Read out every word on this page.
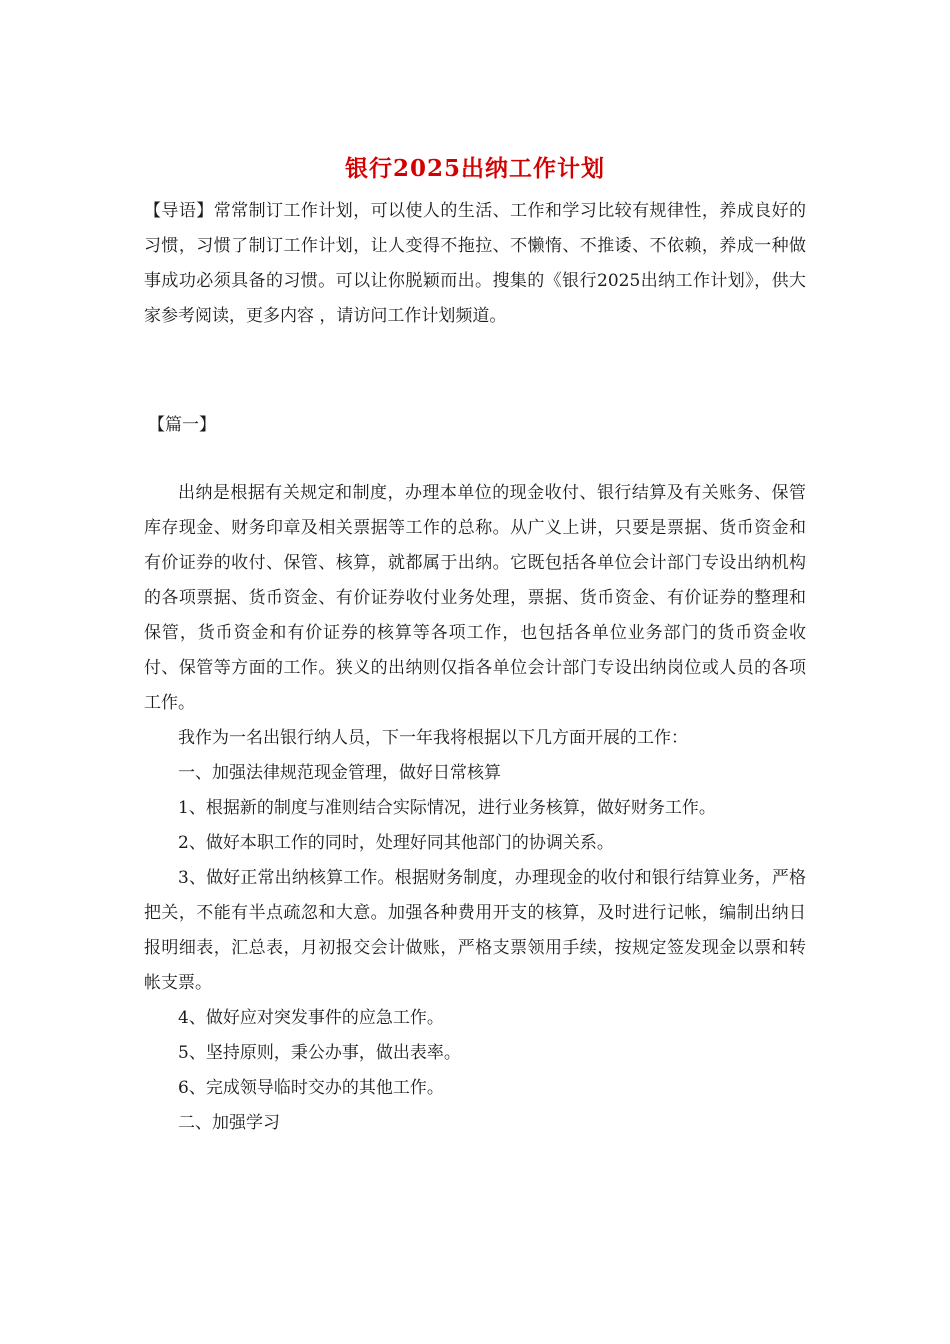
银行2025出纳工作计划
【导语】常常制订工作计划，可以使人的生活、工作和学习比较有规律性，养成良好的习惯，习惯了制订工作计划，让人变得不拖拉、不懒惰、不推诿、不依赖，养成一种做事成功必须具备的习惯。可以让你脱颖而出。搜集的《银行2025出纳工作计划》，供大家参考阅读，更多内容 ，请访问工作计划频道。
【篇一】

出纳是根据有关规定和制度，办理本单位的现金收付、银行结算及有关账务、保管库存现金、财务印章及相关票据等工作的总称。从广义上讲，只要是票据、货币资金和有价证券的收付、保管、核算，就都属于出纳。它既包括各单位会计部门专设出纳机构的各项票据、货币资金、有价证券收付业务处理，票据、货币资金、有价证券的整理和保管，货币资金和有价证券的核算等各项工作，也包括各单位业务部门的货币资金收付、保管等方面的工作。狭义的出纳则仅指各单位会计部门专设出纳岗位或人员的各项工作。

我作为一名出银行纳人员，下一年我将根据以下几方面开展的工作：

一、加强法律规范现金管理，做好日常核算

1、根据新的制度与准则结合实际情况，进行业务核算，做好财务工作。

2、做好本职工作的同时，处理好同其他部门的协调关系。

3、做好正常出纳核算工作。根据财务制度，办理现金的收付和银行结算业务，严格把关，不能有半点疏忽和大意。加强各种费用开支的核算，及时进行记帐，编制出纳日报明细表，汇总表，月初报交会计做账，严格支票领用手续，按规定签发现金以票和转帐支票。

4、做好应对突发事件的应急工作。

5、坚持原则，秉公办事，做出表率。

6、完成领导临时交办的其他工作。

二、加强学习
